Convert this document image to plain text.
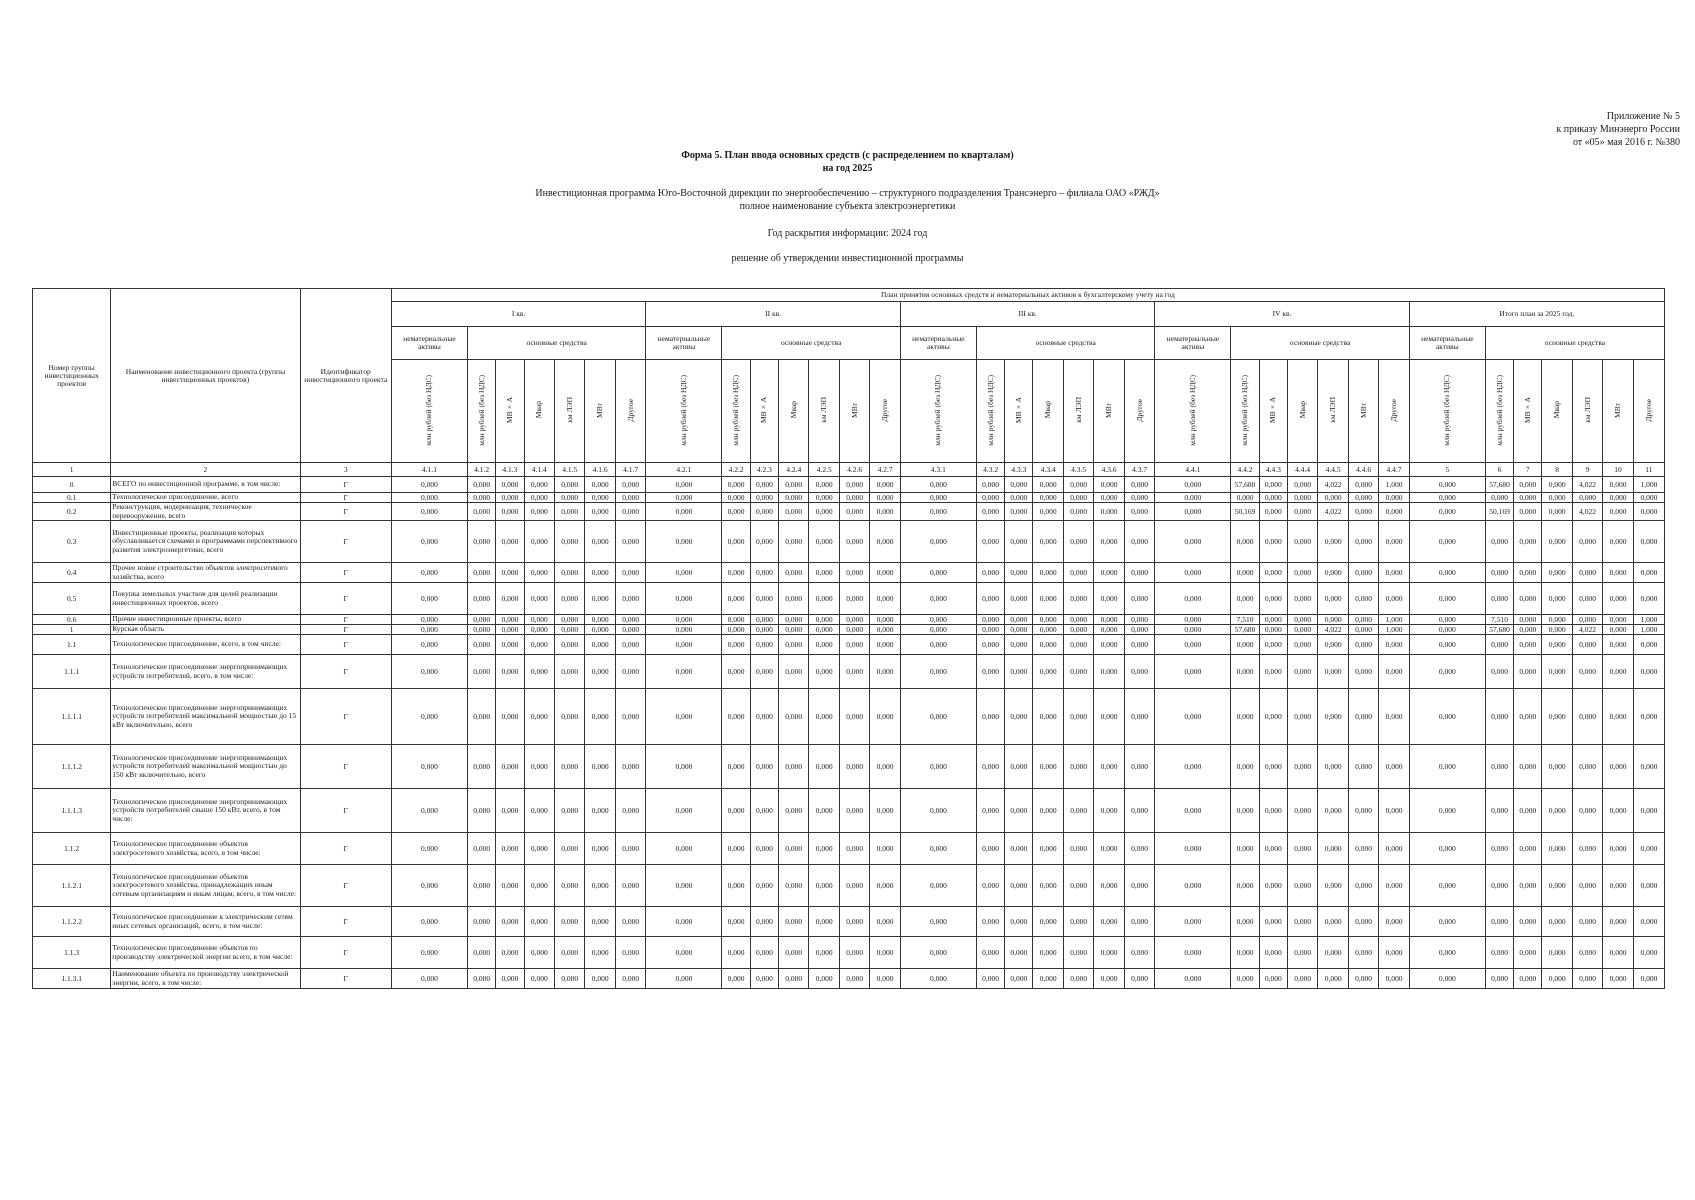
Приложение № 5
к приказу Минэнерго России
от «05» мая 2016 г. №380
Форма 5. План ввода основных средств (с распределением по кварталам)
на год 2025
Инвестиционная программа Юго-Восточной дирекции по энергообеспечению – структурного подразделения Трансэнерго – филиала ОАО «РЖД»
полное наименование субъекта электроэнергетики
Год раскрытия информации: 2024 год
решение об утверждении инвестиционной программы
Номер группы инвестиционных проектов	Наименование инвестиционного проекта (группы инвестиционных проектов)	Идентификатор инвестиционного проекта	План принятия основных средств и нематериальных активов к бухгалтерскому учету на год																																		
			I кв.							II кв.							III кв.							IV кв.							Итого план за 2025 год.						
			нематериальные активы	основные средства						нематериальные активы	основные средства						нематериальные активы	основные средства						нематериальные активы	основные средства						нематериальные активы	основные средства					
			млн рублей (без НДС)	млн рублей (без НДС)	МВ×А	Мвар	км ЛЭП	МВт	Другое	млн рублей (без НДС)	млн рублей (без НДС)	МВ×А	Мвар	км ЛЭП	МВт	Другое	млн рублей (без НДС)	млн рублей (без НДС)	МВ×А	Мвар	км ЛЭП	МВт	Другое	млн рублей (без НДС)	млн рублей (без НДС)	МВ×А	Мвар	км ЛЭП	МВт	Другое	млн рублей (без НДС)	млн рублей (без НДС)	МВ×А	Мвар	км ЛЭП	МВт	Другое
1	2	3	4.1.1	4.1.2	4.1.3	4.1.4	4.1.5	4.1.6	4.1.7	4.2.1	4.2.2	4.2.3	4.2.4	4.2.5	4.2.6	4.2.7	4.3.1	4.3.2	4.3.3	4.3.4	4.3.5	4.3.6	4.3.7	4.4.1	4.4.2	4.4.3	4.4.4	4.4.5	4.4.6	4.4.7	5	6	7	8	9	10	11
0	ВСЕГО по инвестиционной программе, в том числе:	Г	0,000	0,000	0,000	0,000	0,000	0,000	0,000	0,000	0,000	0,000	0,000	0,000	0,000	0,000	0,000	0,000	0,000	0,000	0,000	0,000	0,000	0,000	57,680	0,000	0,000	4,022	0,000	1,000	0,000	57,680	0,000	0,000	4,022	0,000	1,000
0.1	Технологическое присоединение, всего	Г	0,000	0,000	0,000	0,000	0,000	0,000	0,000	0,000	0,000	0,000	0,000	0,000	0,000	0,000	0,000	0,000	0,000	0,000	0,000	0,000	0,000	0,000	0,000	0,000	0,000	0,000	0,000	0,000	0,000	0,000	0,000	0,000	0,000	0,000	0,000
0.2	Реконструкция, модернизация, техническое перевооружение, всего	Г	0,000	0,000	0,000	0,000	0,000	0,000	0,000	0,000	0,000	0,000	0,000	0,000	0,000	0,000	0,000	0,000	0,000	0,000	0,000	0,000	0,000	0,000	50,169	0,000	0,000	4,022	0,000	0,000	0,000	50,169	0,000	0,000	4,022	0,000	0,000
0.3	Инвестиционные проекты, реализация которых обуславливается схемами и программами перспективного развития электроэнергетики, всего	Г	0,000	0,000	0,000	0,000	0,000	0,000	0,000	0,000	0,000	0,000	0,000	0,000	0,000	0,000	0,000	0,000	0,000	0,000	0,000	0,000	0,000	0,000	0,000	0,000	0,000	0,000	0,000	0,000	0,000	0,000	0,000	0,000	0,000	0,000	0,000
0.4	Прочее новое строительство объектов электросетевого хозяйства, всего	Г	0,000	0,000	0,000	0,000	0,000	0,000	0,000	0,000	0,000	0,000	0,000	0,000	0,000	0,000	0,000	0,000	0,000	0,000	0,000	0,000	0,000	0,000	0,000	0,000	0,000	0,000	0,000	0,000	0,000	0,000	0,000	0,000	0,000	0,000	0,000
0.5	Покупка земельных участков для целей реализации инвестиционных проектов, всего	Г	0,000	0,000	0,000	0,000	0,000	0,000	0,000	0,000	0,000	0,000	0,000	0,000	0,000	0,000	0,000	0,000	0,000	0,000	0,000	0,000	0,000	0,000	0,000	0,000	0,000	0,000	0,000	0,000	0,000	0,000	0,000	0,000	0,000	0,000	0,000
0.6	Прочие инвестиционные проекты, всего	Г	0,000	0,000	0,000	0,000	0,000	0,000	0,000	0,000	0,000	0,000	0,000	0,000	0,000	0,000	0,000	0,000	0,000	0,000	0,000	0,000	0,000	0,000	7,510	0,000	0,000	0,000	0,000	1,000	0,000	7,510	0,000	0,000	0,000	0,000	1,000
1	Курская область	Г	0,000	0,000	0,000	0,000	0,000	0,000	0,000	0,000	0,000	0,000	0,000	0,000	0,000	0,000	0,000	0,000	0,000	0,000	0,000	0,000	0,000	0,000	57,680	0,000	0,000	4,022	0,000	1,000	0,000	57,680	0,000	0,000	4,022	0,000	1,000
1.1	Технологическое присоединение, всего, в том числе:	Г	0,000	0,000	0,000	0,000	0,000	0,000	0,000	0,000	0,000	0,000	0,000	0,000	0,000	0,000	0,000	0,000	0,000	0,000	0,000	0,000	0,000	0,000	0,000	0,000	0,000	0,000	0,000	0,000	0,000	0,000	0,000	0,000	0,000	0,000	0,000
1.1.1	Технологическое присоединение энергопринимающих устройств потребителей, всего, в том числе:	Г	0,000	0,000	0,000	0,000	0,000	0,000	0,000	0,000	0,000	0,000	0,000	0,000	0,000	0,000	0,000	0,000	0,000	0,000	0,000	0,000	0,000	0,000	0,000	0,000	0,000	0,000	0,000	0,000	0,000	0,000	0,000	0,000	0,000	0,000	0,000
1.1.1.1	Технологическое присоединение энергопринимающих устройств потребителей максимальной мощностью до 15 кВт включительно, всего	Г	0,000	0,000	0,000	0,000	0,000	0,000	0,000	0,000	0,000	0,000	0,000	0,000	0,000	0,000	0,000	0,000	0,000	0,000	0,000	0,000	0,000	0,000	0,000	0,000	0,000	0,000	0,000	0,000	0,000	0,000	0,000	0,000	0,000	0,000	0,000
1.1.1.2	Технологическое присоединение энергопринимающих устройств потребителей максимальной мощностью до 150 кВт включительно, всего	Г	0,000	0,000	0,000	0,000	0,000	0,000	0,000	0,000	0,000	0,000	0,000	0,000	0,000	0,000	0,000	0,000	0,000	0,000	0,000	0,000	0,000	0,000	0,000	0,000	0,000	0,000	0,000	0,000	0,000	0,000	0,000	0,000	0,000	0,000	0,000
1.1.1.3	Технологическое присоединение энергопринимающих устройств потребителей свыше 150 кВт, всего, в том числе:	Г	0,000	0,000	0,000	0,000	0,000	0,000	0,000	0,000	0,000	0,000	0,000	0,000	0,000	0,000	0,000	0,000	0,000	0,000	0,000	0,000	0,000	0,000	0,000	0,000	0,000	0,000	0,000	0,000	0,000	0,000	0,000	0,000	0,000	0,000	0,000
1.1.2	Технологическое присоединение объектов электросетевого хозяйства, всего, в том числе:	Г	0,000	0,000	0,000	0,000	0,000	0,000	0,000	0,000	0,000	0,000	0,000	0,000	0,000	0,000	0,000	0,000	0,000	0,000	0,000	0,000	0,000	0,000	0,000	0,000	0,000	0,000	0,000	0,000	0,000	0,000	0,000	0,000	0,000	0,000	0,000
1.1.2.1	Технологическое присоединение объектов электросетевого хозяйства, принадлежащих иным сетевым организациям и иным лицам, всего, в том числе:	Г	0,000	0,000	0,000	0,000	0,000	0,000	0,000	0,000	0,000	0,000	0,000	0,000	0,000	0,000	0,000	0,000	0,000	0,000	0,000	0,000	0,000	0,000	0,000	0,000	0,000	0,000	0,000	0,000	0,000	0,000	0,000	0,000	0,000	0,000	0,000
1.1.2.2	Технологическое присоединение к электрическим сетям иных сетевых организаций, всего, в том числе:	Г	0,000	0,000	0,000	0,000	0,000	0,000	0,000	0,000	0,000	0,000	0,000	0,000	0,000	0,000	0,000	0,000	0,000	0,000	0,000	0,000	0,000	0,000	0,000	0,000	0,000	0,000	0,000	0,000	0,000	0,000	0,000	0,000	0,000	0,000	0,000
1.1.3	Технологическое присоединение объектов по производству электрической энергии всего, в том числе:	Г	0,000	0,000	0,000	0,000	0,000	0,000	0,000	0,000	0,000	0,000	0,000	0,000	0,000	0,000	0,000	0,000	0,000	0,000	0,000	0,000	0,000	0,000	0,000	0,000	0,000	0,000	0,000	0,000	0,000	0,000	0,000	0,000	0,000	0,000	0,000
1.1.3.1	Наименование объекта по производству электрической энергии, всего, в том числе:	Г	0,000	0,000	0,000	0,000	0,000	0,000	0,000	0,000	0,000	0,000	0,000	0,000	0,000	0,000	0,000	0,000	0,000	0,000	0,000	0,000	0,000	0,000	0,000	0,000	0,000	0,000	0,000	0,000	0,000	0,000	0,000	0,000	0,000	0,000	0,000
